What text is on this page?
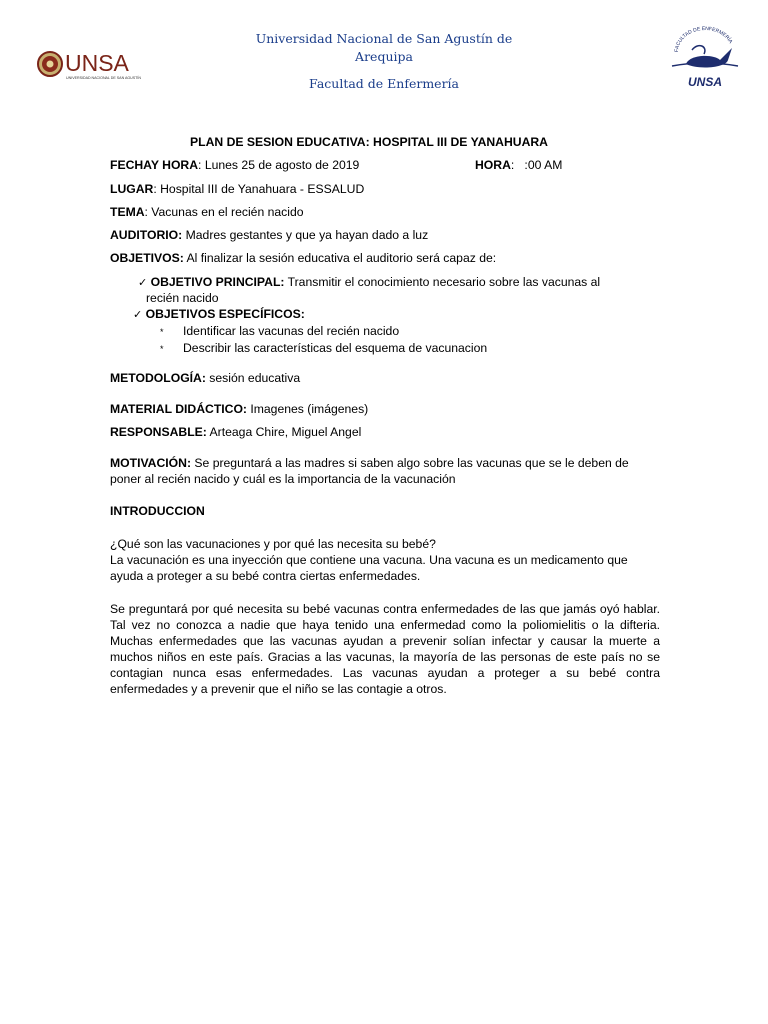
UNSA
UNIVERSIDAD NACIONAL DE SAN AGUSTÍN
Universidad Nacional de San Agustín de
Arequipa
Facultad de Enfermería
FACULTAD DE ENFERMERÍA
UNSA
PLAN DE SESION EDUCATIVA: HOSPITAL III DE YANAHUARA
FECHAY HORA: Lunes 25 de agosto de 2019	HORA:   :00 AM
LUGAR: Hospital III de Yanahuara - ESSALUD
TEMA: Vacunas en el recién nacido
AUDITORIO: Madres gestantes y que ya hayan dado a luz
OBJETIVOS: Al finalizar la sesión educativa el auditorio será capaz de:
✓ OBJETIVO PRINCIPAL: Transmitir el conocimiento necesario sobre las vacunas al
recién nacido
✓ OBJETIVOS ESPECÍFICOS:
* Identificar las vacunas del recién nacido
* Describir las características del esquema de vacunacion
METODOLOGÍA: sesión educativa
MATERIAL DIDÁCTICO: Imagenes (imágenes)
RESPONSABLE: Arteaga Chire, Miguel Angel
MOTIVACIÓN: Se preguntará a las madres si saben algo sobre las vacunas que se le deben de poner al recién nacido y cuál es la importancia de la vacunación
INTRODUCCION
¿Qué son las vacunaciones y por qué las necesita su bebé?
La vacunación es una inyección que contiene una vacuna. Una vacuna es un medicamento que ayuda a proteger a su bebé contra ciertas enfermedades.
Se preguntará por qué necesita su bebé vacunas contra enfermedades de las que jamás oyó hablar. Tal vez no conozca a nadie que haya tenido una enfermedad como la poliomielitis o la difteria. Muchas enfermedades que las vacunas ayudan a prevenir solían infectar y causar la muerte a muchos niños en este país. Gracias a las vacunas, la mayoría de las personas de este país no se contagian nunca esas enfermedades. Las vacunas ayudan a proteger a su bebé contra enfermedades y a prevenir que el niño se las contagie a otros.
